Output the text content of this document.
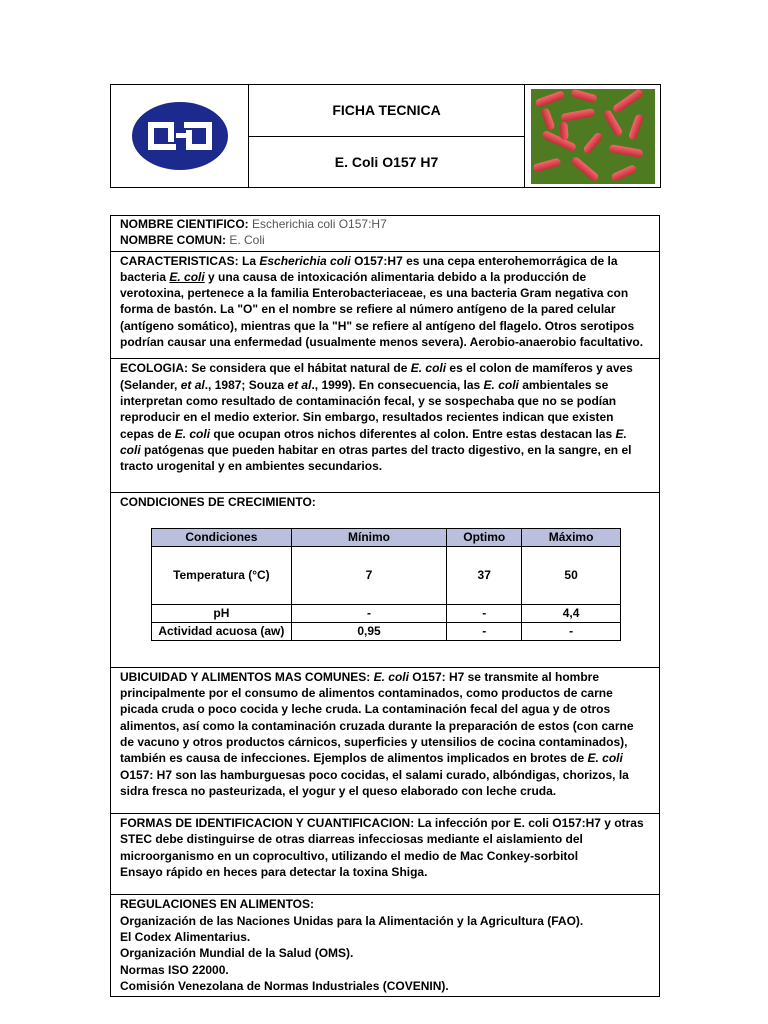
FICHA TECNICA
E. Coli O157 H7

NOMBRE CIENTIFICO: Escherichia coli O157:H7

NOMBRE COMUN: E. Coli

CARACTERISTICAS: La Escherichia coli O157:H7 es una cepa enterohemorrágica de la bacteria E. coli y una causa de intoxicación alimentaria debido a la producción de verotoxina, pertenece a la familia Enterobacteriaceae, es una bacteria Gram negativa con forma de bastón. La "O" en el nombre se refiere al número antígeno de la pared celular (antígeno somático), mientras que la "H" se refiere al antígeno del flagelo. Otros serotipos podrían causar una enfermedad (usualmente menos severa). Aerobio-anaerobio facultativo.

ECOLOGIA: Se considera que el hábitat natural de E. coli es el colon de mamíferos y aves (Selander, et al., 1987; Souza et al., 1999). En consecuencia, las E. coli ambientales se interpretan como resultado de contaminación fecal, y se sospechaba que no se podían reproducir en el medio exterior. Sin embargo, resultados recientes indican que existen cepas de E. coli que ocupan otros nichos diferentes al colon. Entre estas destacan las E. coli patógenas que pueden habitar en otras partes del tracto digestivo, en la sangre, en el tracto urogenital y en ambientes secundarios.

CONDICIONES DE CRECIMIENTO:

Condiciones	Mínimo	Optimo	Máximo
Temperatura (°C)	7	37	50
pH	-	-	4,4
Actividad acuosa (aw)	0,95	-	-

UBICUIDAD Y ALIMENTOS MAS COMUNES: E. coli O157: H7 se transmite al hombre principalmente por el consumo de alimentos contaminados, como productos de carne picada cruda o poco cocida y leche cruda. La contaminación fecal del agua y de otros alimentos, así como la contaminación cruzada durante la preparación de estos (con carne de vacuno y otros productos cárnicos, superficies y utensilios de cocina contaminados), también es causa de infecciones. Ejemplos de alimentos implicados en brotes de E. coli O157: H7 son las hamburguesas poco cocidas, el salami curado, albóndigas, chorizos, la sidra fresca no pasteurizada, el yogur y el queso elaborado con leche cruda.

FORMAS DE IDENTIFICACION Y CUANTIFICACION: La infección por E. coli O157:H7 y otras STEC debe distinguirse de otras diarreas infecciosas mediante el aislamiento del microorganismo en un coprocultivo, utilizando el medio de Mac Conkey-sorbitol

Ensayo rápido en heces para detectar la toxina Shiga.

REGULACIONES EN ALIMENTOS:

Organización de las Naciones Unidas para la Alimentación y la Agricultura (FAO).

El Codex Alimentarius.

Organización Mundial de la Salud (OMS).

Normas ISO 22000.

Comisión Venezolana de Normas Industriales (COVENIN).
